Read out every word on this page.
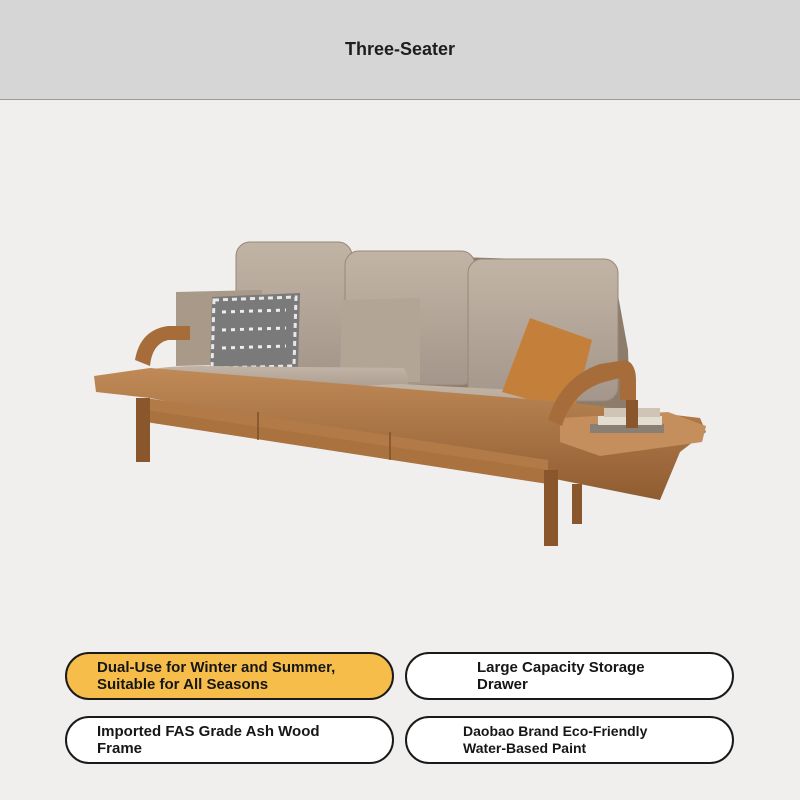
Three-Seater
Dual-Use for Winter and Summer,
Suitable for All Seasons
Large Capacity Storage
Drawer
Imported FAS Grade Ash Wood
Frame
Daobao Brand Eco-Friendly
Water-Based Paint
